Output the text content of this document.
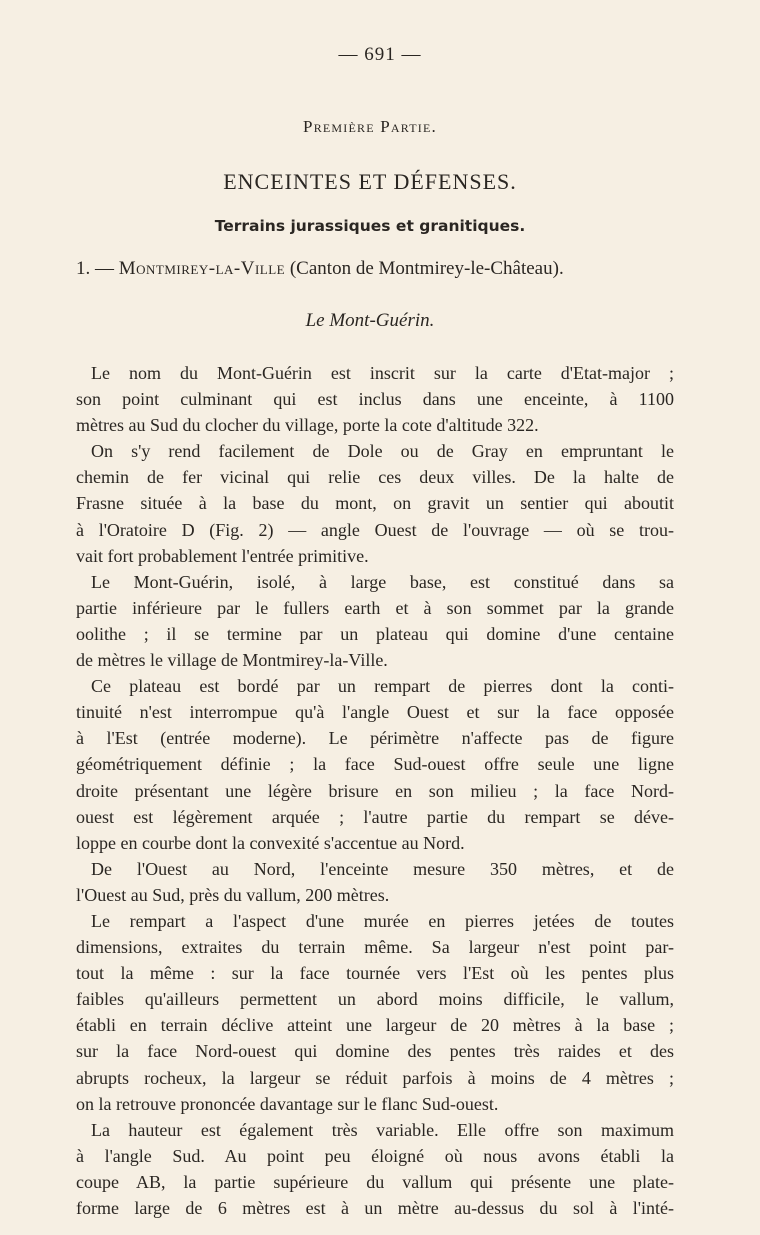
— 691 —
Première Partie.
ENCEINTES ET DÉFENSES.
Terrains jurassiques et granitiques.
1. — Montmirey-la-Ville (Canton de Montmirey-le-Château).
Le Mont-Guérin.
Le nom du Mont-Guérin est inscrit sur la carte d'Etat-major ;
son point culminant qui est inclus dans une enceinte, à 1100
mètres au Sud du clocher du village, porte la cote d'altitude 322.
On s'y rend facilement de Dole ou de Gray en empruntant le
chemin de fer vicinal qui relie ces deux villes. De la halte de
Frasne située à la base du mont, on gravit un sentier qui aboutit
à l'Oratoire D (Fig. 2) — angle Ouest de l'ouvrage — où se trou-
vait fort probablement l'entrée primitive.
Le Mont-Guérin, isolé, à large base, est constitué dans sa
partie inférieure par le fullers earth et à son sommet par la grande
oolithe ; il se termine par un plateau qui domine d'une centaine
de mètres le village de Montmirey-la-Ville.
Ce plateau est bordé par un rempart de pierres dont la conti-
tinuité n'est interrompue qu'à l'angle Ouest et sur la face opposée
à l'Est (entrée moderne). Le périmètre n'affecte pas de figure
géométriquement définie ; la face Sud-ouest offre seule une ligne
droite présentant une légère brisure en son milieu ; la face Nord-
ouest est légèrement arquée ; l'autre partie du rempart se déve-
loppe en courbe dont la convexité s'accentue au Nord.
De l'Ouest au Nord, l'enceinte mesure 350 mètres, et de
l'Ouest au Sud, près du vallum, 200 mètres.
Le rempart a l'aspect d'une murée en pierres jetées de toutes
dimensions, extraites du terrain même. Sa largeur n'est point par-
tout la même : sur la face tournée vers l'Est où les pentes plus
faibles qu'ailleurs permettent un abord moins difficile, le vallum,
établi en terrain déclive atteint une largeur de 20 mètres à la base ;
sur la face Nord-ouest qui domine des pentes très raides et des
abrupts rocheux, la largeur se réduit parfois à moins de 4 mètres ;
on la retrouve prononcée davantage sur le flanc Sud-ouest.
La hauteur est également très variable. Elle offre son maximum
à l'angle Sud. Au point peu éloigné où nous avons établi la
coupe AB, la partie supérieure du vallum qui présente une plate-
forme large de 6 mètres est à un mètre au-dessus du sol à l'inté-
